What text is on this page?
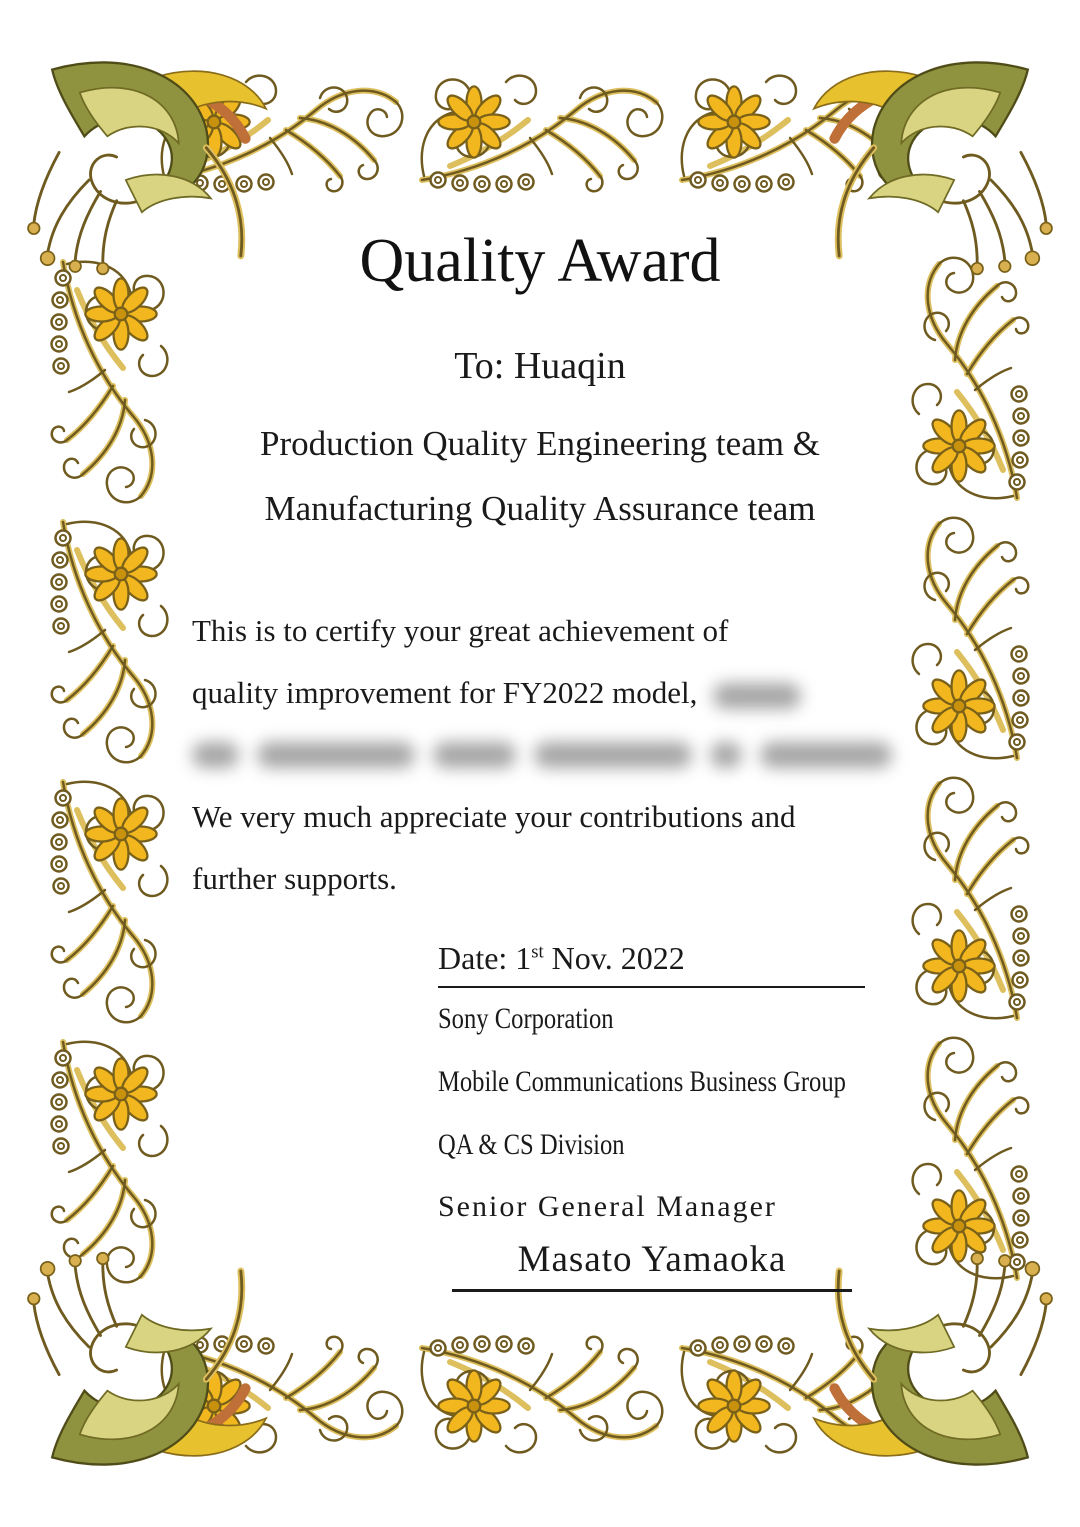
Quality Award
To: Huaqin
Production Quality Engineering team &
Manufacturing Quality Assurance team
This is to certify your great achievement of
quality improvement for FY2022 model,
We very much appreciate your contributions and
further supports.
Date: 1st Nov. 2022
Sony Corporation
Mobile Communications Business Group
QA & CS Division
Senior General Manager
Masato Yamaoka
